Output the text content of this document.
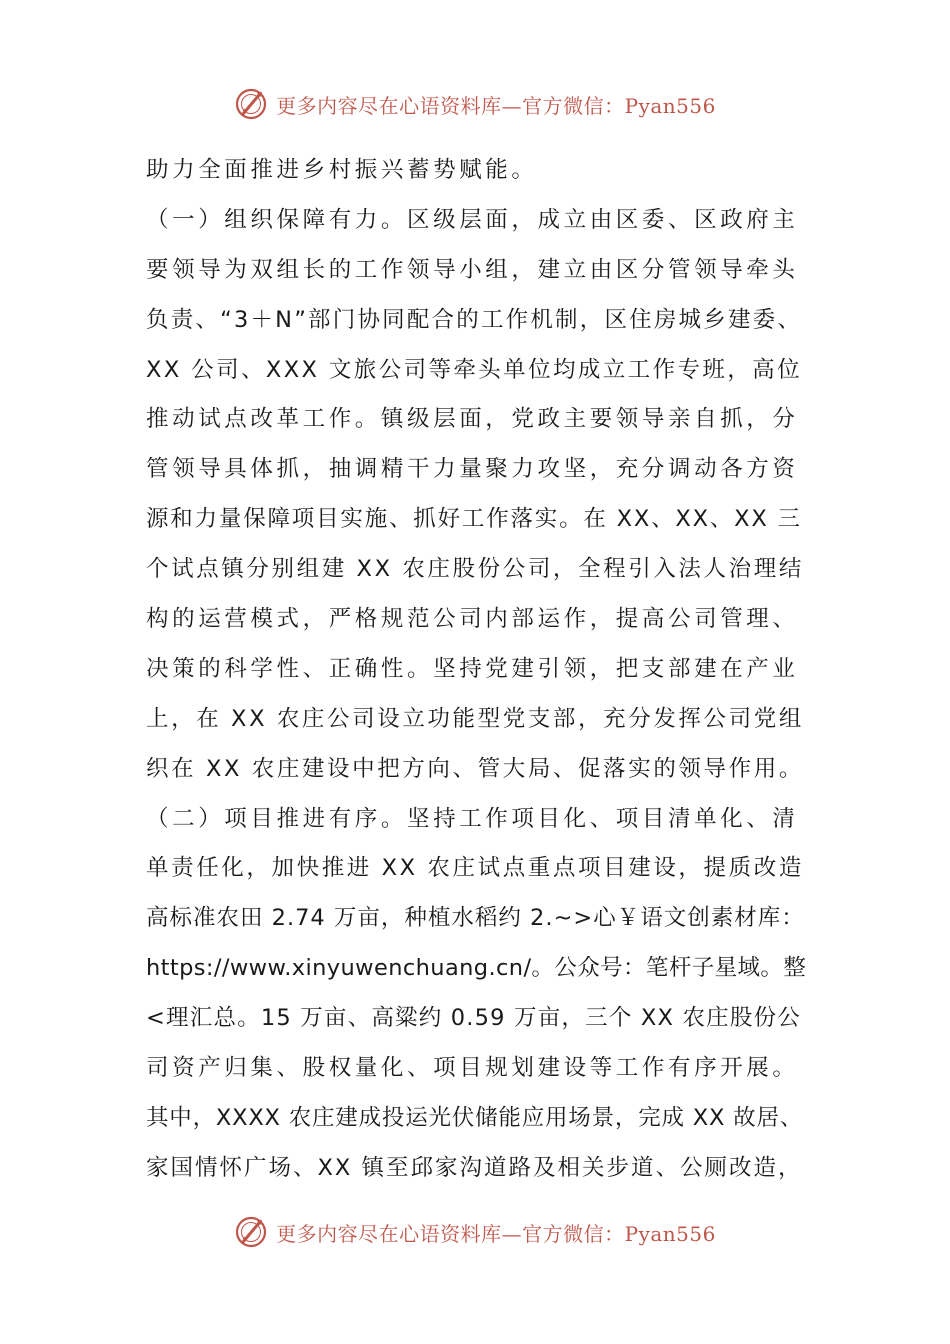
更多内容尽在心语资料库—官方微信：Pyan556
助力全面推进乡村振兴蓄势赋能。
（一）组织保障有力。区级层面，成立由区委、区政府主
要领导为双组长的工作领导小组，建立由区分管领导牵头
负责、“3＋N”部门协同配合的工作机制，区住房城乡建委、
XX 公司、XXX 文旅公司等牵头单位均成立工作专班，高位
推动试点改革工作。镇级层面，党政主要领导亲自抓，分
管领导具体抓，抽调精干力量聚力攻坚，充分调动各方资
源和力量保障项目实施、抓好工作落实。在 XX、XX、XX 三
个试点镇分别组建 XX 农庄股份公司，全程引入法人治理结
构的运营模式，严格规范公司内部运作，提高公司管理、
决策的科学性、正确性。坚持党建引领，把支部建在产业
上，在 XX 农庄公司设立功能型党支部，充分发挥公司党组
织在 XX 农庄建设中把方向、管大局、促落实的领导作用。
（二）项目推进有序。坚持工作项目化、项目清单化、清
单责任化，加快推进 XX 农庄试点重点项目建设，提质改造
高标准农田 2.74 万亩，种植水稻约 2.~>心￥语文创素材库：
https://www.xinyuwenchuang.cn/。公众号：笔杆子星域。整
<理汇总。15 万亩、高粱约 0.59 万亩，三个 XX 农庄股份公
司资产归集、股权量化、项目规划建设等工作有序开展。
其中，XXXX 农庄建成投运光伏储能应用场景，完成 XX 故居、
家国情怀广场、XX 镇至邱家沟道路及相关步道、公厕改造，
更多内容尽在心语资料库—官方微信：Pyan556
